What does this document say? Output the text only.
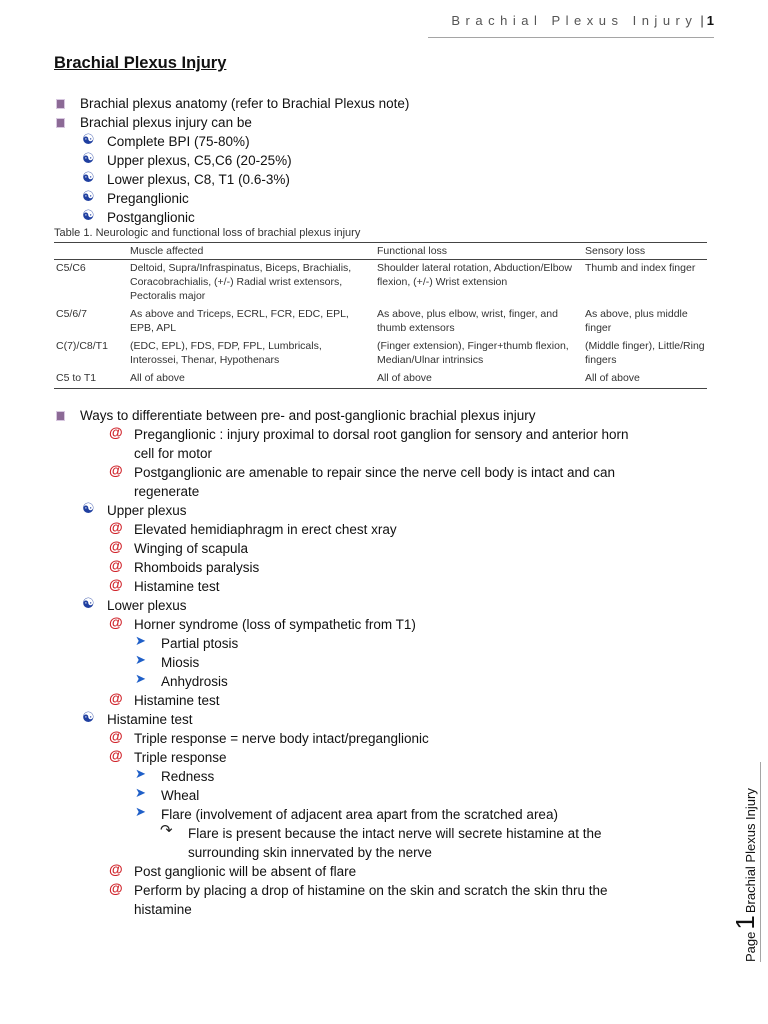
Brachial Plexus Injury | 1
Brachial Plexus Injury
Brachial plexus anatomy (refer to Brachial Plexus note)
Brachial plexus injury can be
☯ Complete BPI (75-80%)
☯ Upper plexus, C5,C6 (20-25%)
☯ Lower plexus, C8, T1 (0.6-3%)
☯ Preganglionic
☯ Postganglionic
Table 1. Neurologic and functional loss of brachial plexus injury
	Muscle affected	Functional loss	Sensory loss
C5/C6	Deltoid, Supra/Infraspinatus, Biceps, Brachialis, Coracobrachialis, (+/-) Radial wrist extensors, Pectoralis major	Shoulder lateral rotation, Abduction/Elbow flexion, (+/-) Wrist extension	Thumb and index finger
C5/6/7	As above and Triceps, ECRL, FCR, EDC, EPL, EPB, APL	As above, plus elbow, wrist, finger, and thumb extensors	As above, plus middle finger
C(7)/C8/T1	(EDC, EPL), FDS, FDP, FPL, Lumbricals, Interossei, Thenar, Hypothenars	(Finger extension), Finger+thumb flexion, Median/Ulnar intrinsics	(Middle finger), Little/Ring fingers
C5 to T1	All of above	All of above	All of above
Ways to differentiate between pre- and post-ganglionic brachial plexus injury
@ Preganglionic : injury proximal to dorsal root ganglion for sensory and anterior horn
cell for motor
@ Postganglionic are amenable to repair since the nerve cell body is intact and can
regenerate
☯ Upper plexus
@ Elevated hemidiaphragm in erect chest xray
@ Winging of scapula
@ Rhomboids paralysis
@ Histamine test
☯ Lower plexus
@ Horner syndrome (loss of sympathetic from T1)
➤ Partial ptosis
➤ Miosis
➤ Anhydrosis
@ Histamine test
☯ Histamine test
@ Triple response = nerve body intact/preganglionic
@ Triple response
➤ Redness
➤ Wheal
➤ Flare (involvement of adjacent area apart from the scratched area)
↷ Flare is present because the intact nerve will secrete histamine at the
surrounding skin innervated by the nerve
@ Post ganglionic will be absent of flare
@ Perform by placing a drop of histamine on the skin and scratch the skin thru the
histamine
Page
1
Brachial Plexus Injury
